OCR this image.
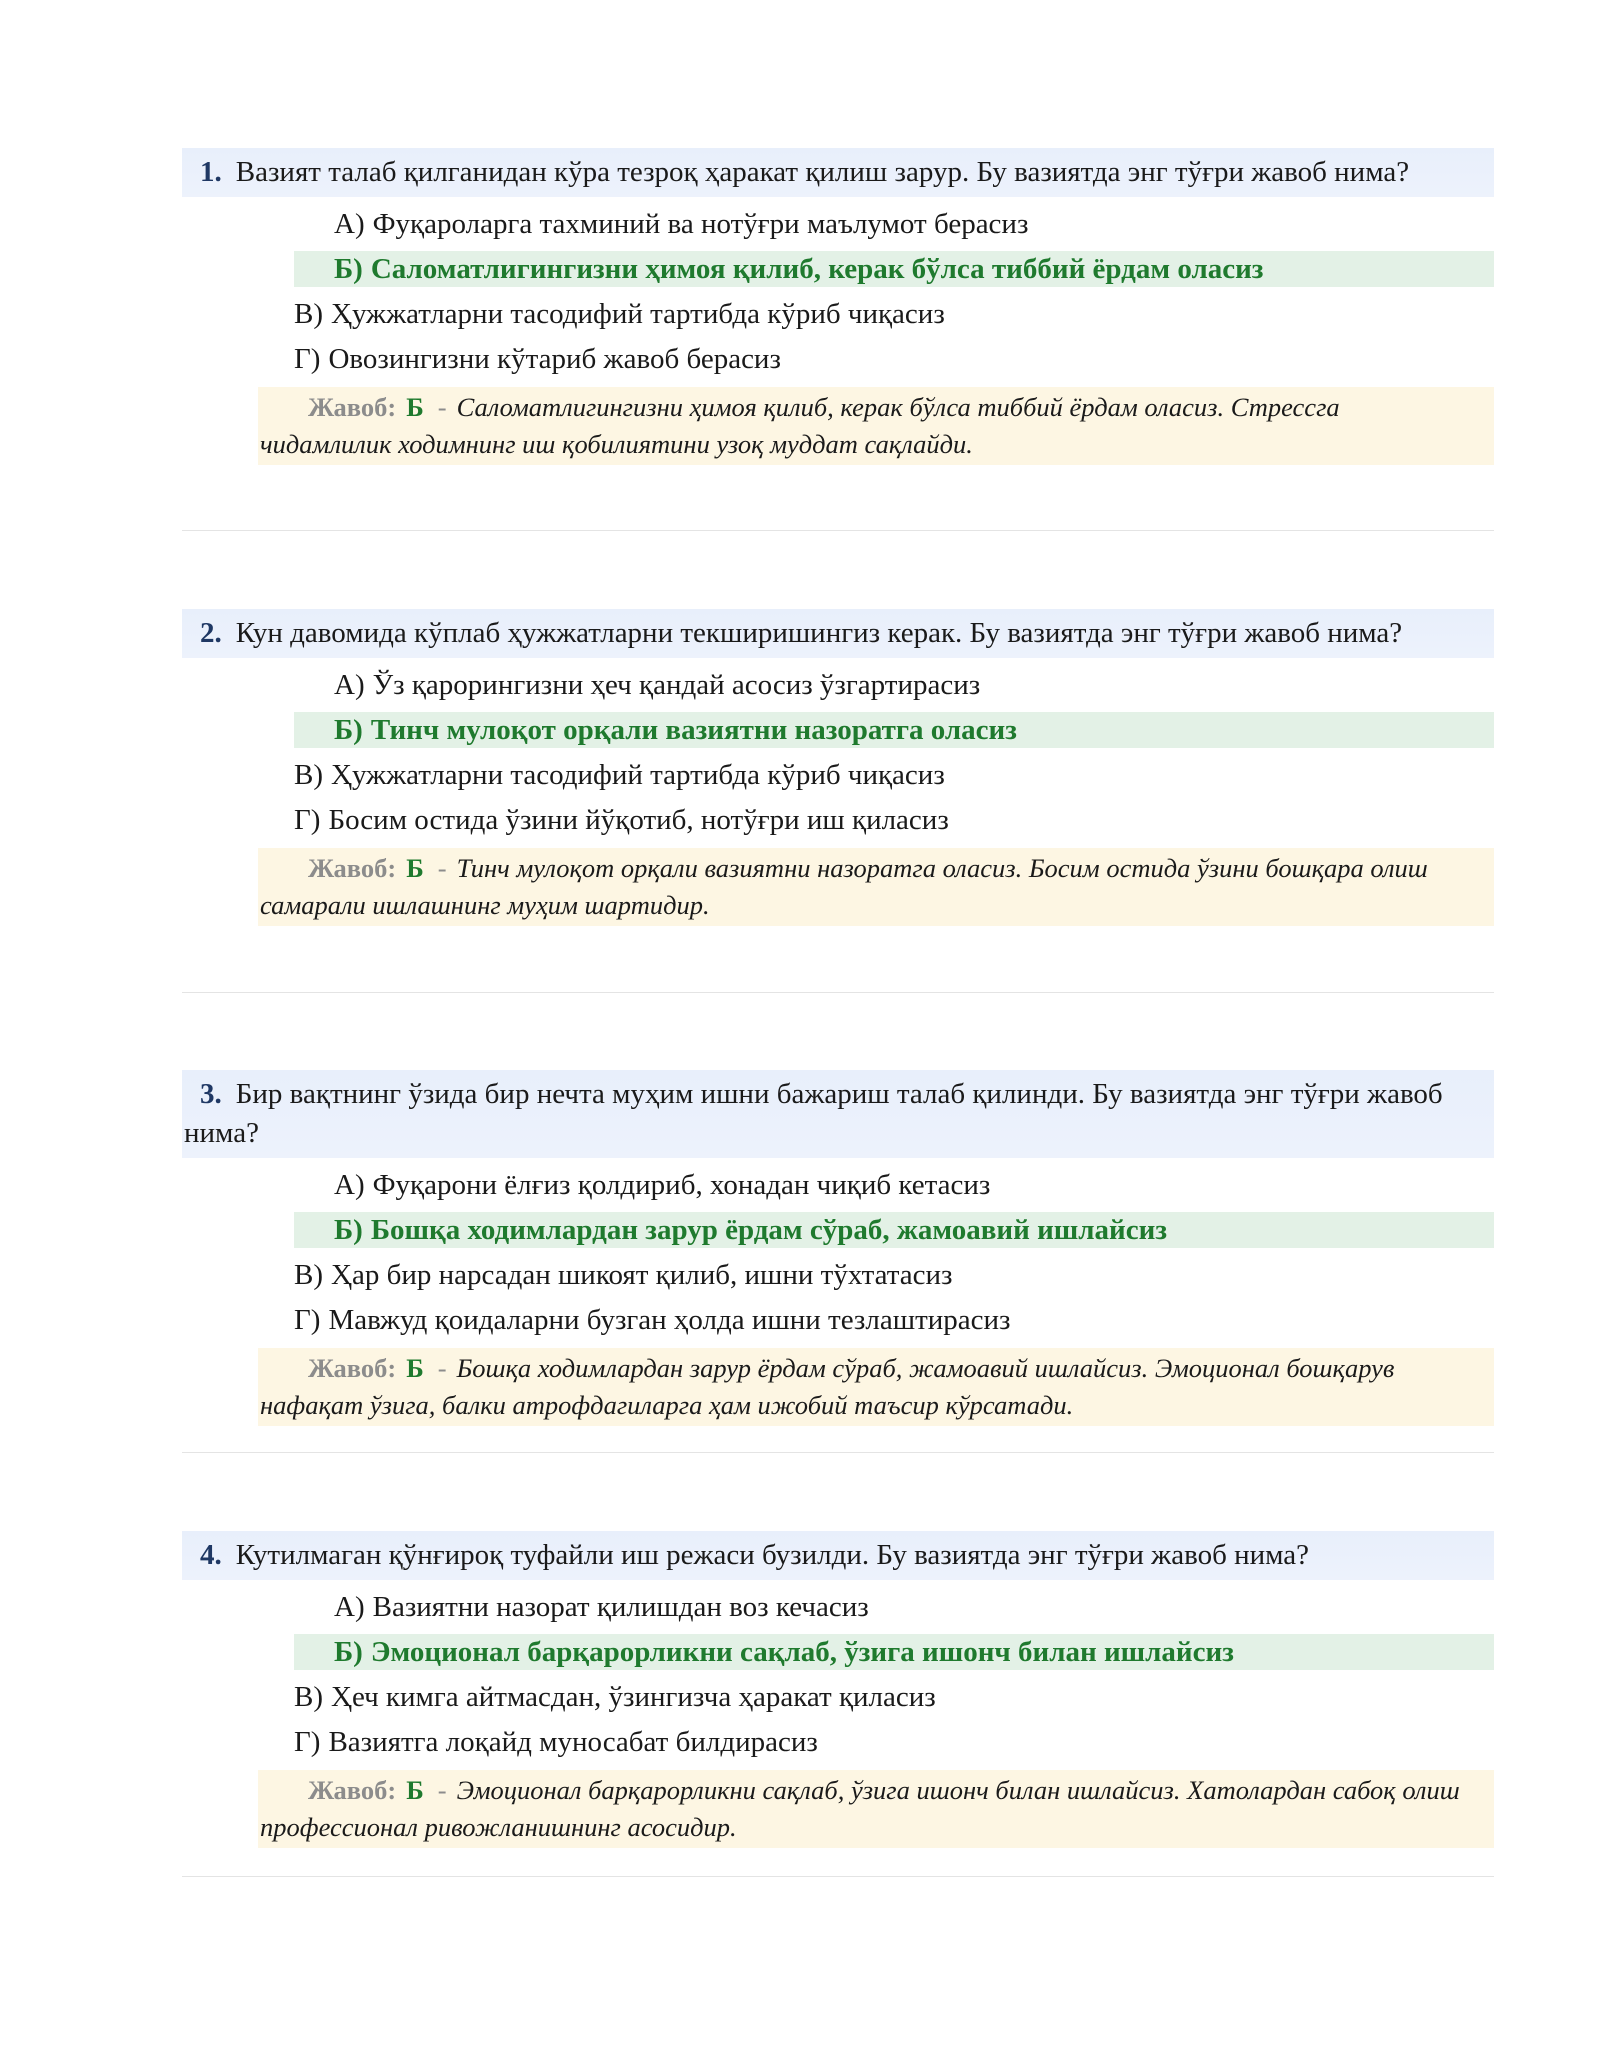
1. Вазият талаб қилганидан кўра тезроқ ҳаракат қилиш зарур. Бу вазиятда энг тўғри жавоб нима?
А) Фуқароларга тахминий ва нотўғри маълумот берасиз
Б) Саломатлигингизни ҳимоя қилиб, керак бўлса тиббий ёрдам оласиз
В) Ҳужжатларни тасодифий тартибда кўриб чиқасиз
Г) Овозингизни кўтариб жавоб берасиз
Жавоб: Б - Саломатлигингизни ҳимоя қилиб, керак бўлса тиббий ёрдам оласиз. Стрессга чидамлилик ходимнинг иш қобилиятини узоқ муддат сақлайди.
2. Кун давомида кўплаб ҳужжатларни текширишингиз керак. Бу вазиятда энг тўғри жавоб нима?
А) Ўз қарорингизни ҳеч қандай асосиз ўзгартирасиз
Б) Тинч мулоқот орқали вазиятни назоратга оласиз
В) Ҳужжатларни тасодифий тартибда кўриб чиқасиз
Г) Босим остида ўзини йўқотиб, нотўғри иш қиласиз
Жавоб: Б - Тинч мулоқот орқали вазиятни назоратга оласиз. Босим остида ўзини бошқара олиш самарали ишлашнинг муҳим шартидир.
3. Бир вақтнинг ўзида бир нечта муҳим ишни бажариш талаб қилинди. Бу вазиятда энг тўғри жавоб нима?
А) Фуқарони ёлғиз қолдириб, хонадан чиқиб кетасиз
Б) Бошқа ходимлардан зарур ёрдам сўраб, жамоавий ишлайсиз
В) Ҳар бир нарсадан шикоят қилиб, ишни тўхтатасиз
Г) Мавжуд қоидаларни бузган ҳолда ишни тезлаштирасиз
Жавоб: Б - Бошқа ходимлардан зарур ёрдам сўраб, жамоавий ишлайсиз. Эмоционал бошқарув нафақат ўзига, балки атрофдагиларга ҳам ижобий таъсир кўрсатади.
4. Кутилмаган қўнғироқ туфайли иш режаси бузилди. Бу вазиятда энг тўғри жавоб нима?
А) Вазиятни назорат қилишдан воз кечасиз
Б) Эмоционал барқарорликни сақлаб, ўзига ишонч билан ишлайсиз
В) Ҳеч кимга айтмасдан, ўзингизча ҳаракат қиласиз
Г) Вазиятга лоқайд муносабат билдирасиз
Жавоб: Б - Эмоционал барқарорликни сақлаб, ўзига ишонч билан ишлайсиз. Хатолардан сабоқ олиш профессионал ривожланишнинг асосидир.
